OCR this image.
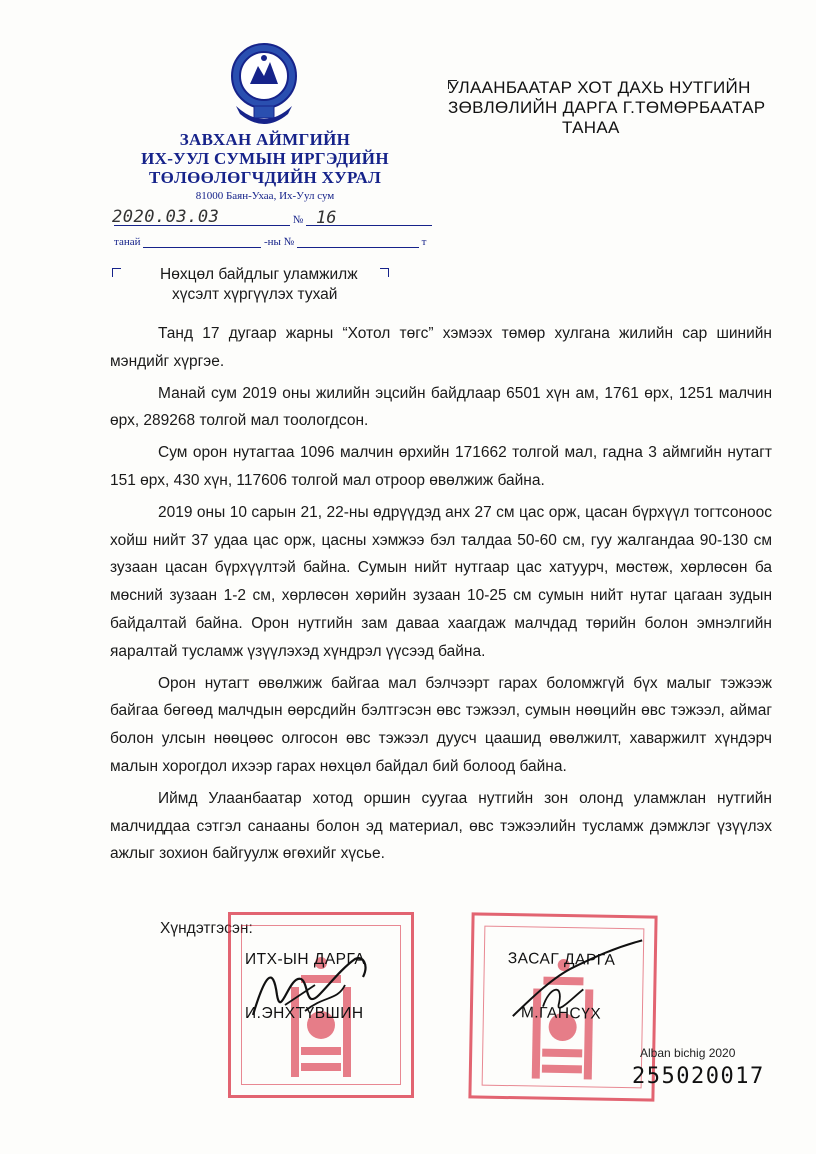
ЗАВХАН АЙМГИЙН
ИХ-УУЛ СУМЫН ИРГЭДИЙН
ТӨЛӨӨЛӨГЧДИЙН ХУРАЛ
81000 Баян-Ухаа, Их-Уул сум
УЛААНБААТАР ХОТ ДАХЬ НУТГИЙН
ЗӨВЛӨЛИЙН ДАРГА Г.ТӨМӨРБААТАР
ТАНАА
№
2020.03.03	16
танай	-ны №	т
Нөхцөл байдлыг уламжилж
хүсэлт хүргүүлэх тухай

Танд 17 дугаар жарны “Хотол төгс” хэмээх төмөр хулгана жилийн сар шинийн мэндийг хүргэе.

Манай сум 2019 оны жилийн эцсийн байдлаар 6501 хүн ам, 1761 өрх, 1251 малчин өрх, 289268 толгой мал тоологдсон.

Сум орон нутагтаа 1096 малчин өрхийн 171662 толгой мал, гадна 3 аймгийн нутагт 151 өрх, 430 хүн, 117606 толгой мал отроор өвөлжиж байна.

2019 оны 10 сарын 21, 22-ны өдрүүдэд анх 27 см цас орж, цасан бүрхүүл тогтсоноос хойш нийт 37 удаа цас орж, цасны хэмжээ бэл талдаа 50-60 см, гуу жалгандаа 90-130 см зузаан цасан бүрхүүлтэй байна. Сумын нийт нутгаар цас хатуурч, мөстөж, хөрлөсөн ба мөсний зузаан 1-2 см, хөрлөсөн хөрийн зузаан 10-25 см сумын нийт нутаг цагаан зудын байдалтай байна. Орон нутгийн зам даваа хаагдаж малчдад төрийн болон эмнэлгийн яаралтай тусламж үзүүлэхэд хүндрэл үүсээд байна.

Орон нутагт өвөлжиж байгаа мал бэлчээрт гарах боломжгүй бүх малыг тэжээж байгаа бөгөөд малчдын өөрсдийн бэлтгэсэн өвс тэжээл, сумын нөөцийн өвс тэжээл, аймаг болон улсын нөөцөөс олгосон өвс тэжээл дуусч цаашид өвөлжилт, хаваржилт хүндэрч малын хорогдол ихээр гарах нөхцөл байдал бий болоод байна.

Иймд Улаанбаатар хотод оршин суугаа нутгийн зон олонд уламжлан нутгийн малчиддаа сэтгэл санааны болон эд материал, өвс тэжээлийн тусламж дэмжлэг үзүүлэх ажлыг зохион байгуулж өгөхийг хүсье.

Хүндэтгэсэн:
ИТХ-ЫН ДАРГА
И.ЭНХТҮВШИН
ЗАСАГ ДАРГА
М.ГАНСҮХ
Alban bichig 2020
255020017
